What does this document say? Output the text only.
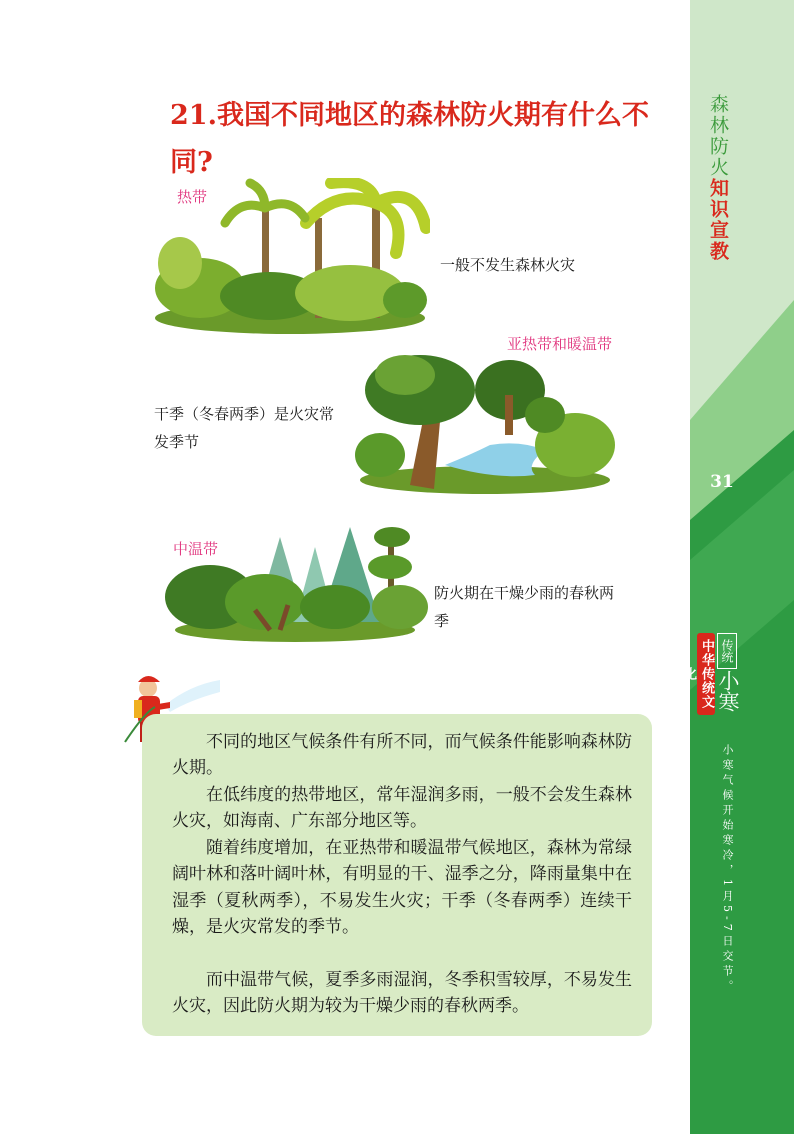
森林防火知识宣教
31
中华传统文化
传统
小寒
小寒气候开始寒冷，1月5-7日交节。
21.我国不同地区的森林防火期有什么不同?
热带
一般不发生森林火灾
亚热带和暖温带
干季（冬春两季）是火灾常发季节
中温带
防火期在干燥少雨的春秋两季

不同的地区气候条件有所不同，而气候条件能影响森林防火期。

在低纬度的热带地区，常年湿润多雨，一般不会发生森林火灾，如海南、广东部分地区等。

随着纬度增加，在亚热带和暖温带气候地区，森林为常绿阔叶林和落叶阔叶林，有明显的干、湿季之分，降雨量集中在湿季（夏秋两季），不易发生火灾；干季（冬春两季）连续干燥，是火灾常发的季节。

而中温带气候，夏季多雨湿润，冬季积雪较厚，不易发生火灾，因此防火期为较为干燥少雨的春秋两季。
